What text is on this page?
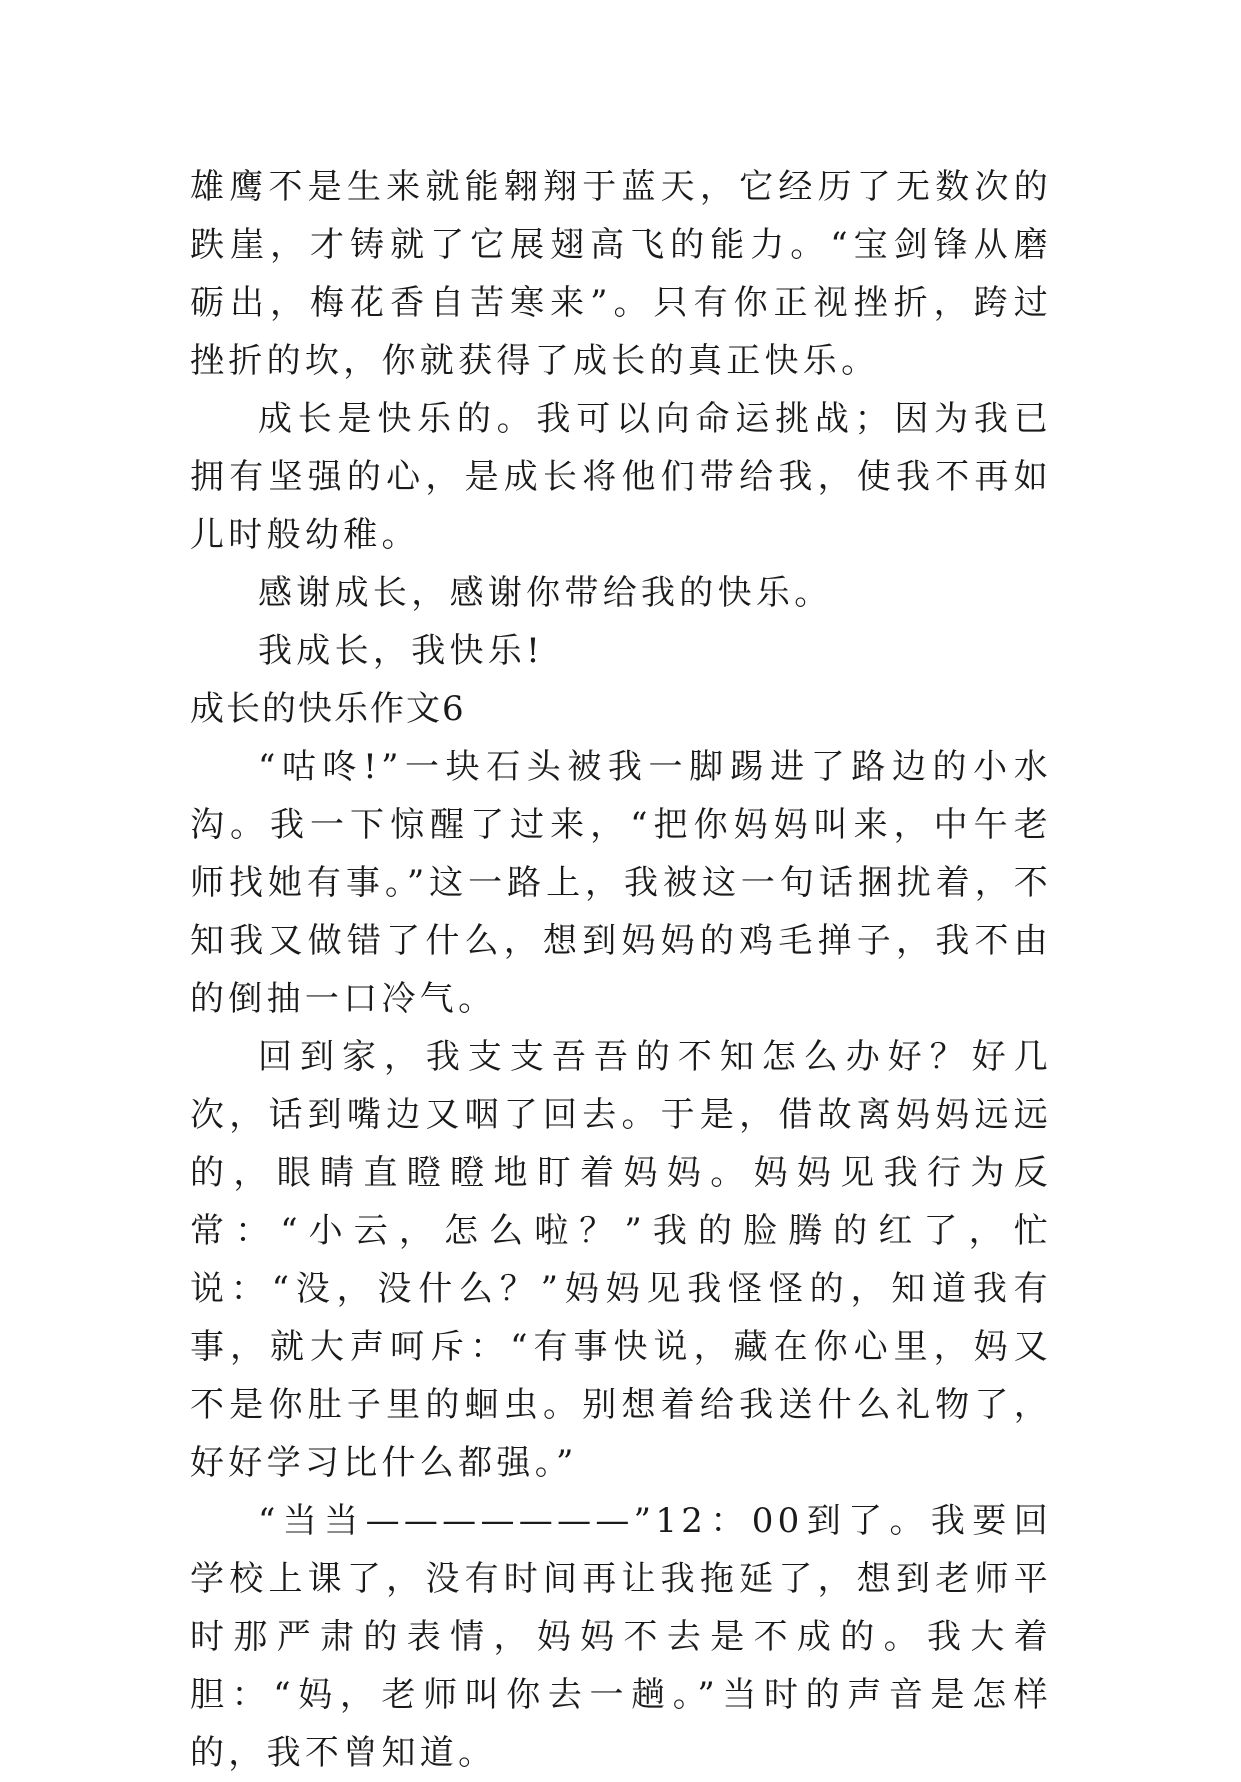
雄鹰不是生来就能翱翔于蓝天，它经历了无数次的跌崖，才铸就了它展翅高飞的能力。“宝剑锋从磨砺出，梅花香自苦寒来”。只有你正视挫折，跨过挫折的坎，你就获得了成长的真正快乐。

成长是快乐的。我可以向命运挑战；因为我已拥有坚强的心，是成长将他们带给我，使我不再如儿时般幼稚。

感谢成长，感谢你带给我的快乐。

我成长，我快乐!

成长的快乐作文6

“咕咚!”一块石头被我一脚踢进了路边的小水沟。我一下惊醒了过来，“把你妈妈叫来，中午老师找她有事。”这一路上，我被这一句话捆扰着，不知我又做错了什么，想到妈妈的鸡毛掸子，我不由的倒抽一口冷气。

回到家，我支支吾吾的不知怎么办好？好几次，话到嘴边又咽了回去。于是，借故离妈妈远远的，眼睛直瞪瞪地盯着妈妈。妈妈见我行为反常：“小云，怎么啦？”我的脸腾的红了，忙说：“没，没什么？”妈妈见我怪怪的，知道我有事，就大声呵斥：“有事快说，藏在你心里，妈又不是你肚子里的蛔虫。别想着给我送什么礼物了，好好学习比什么都强。”

“当当———————”12：00到了。我要回学校上课了，没有时间再让我拖延了，想到老师平时那严肃的表情，妈妈不去是不成的。我大着胆：“妈，老师叫你去一趟。”当时的声音是怎样的，我不曾知道。
